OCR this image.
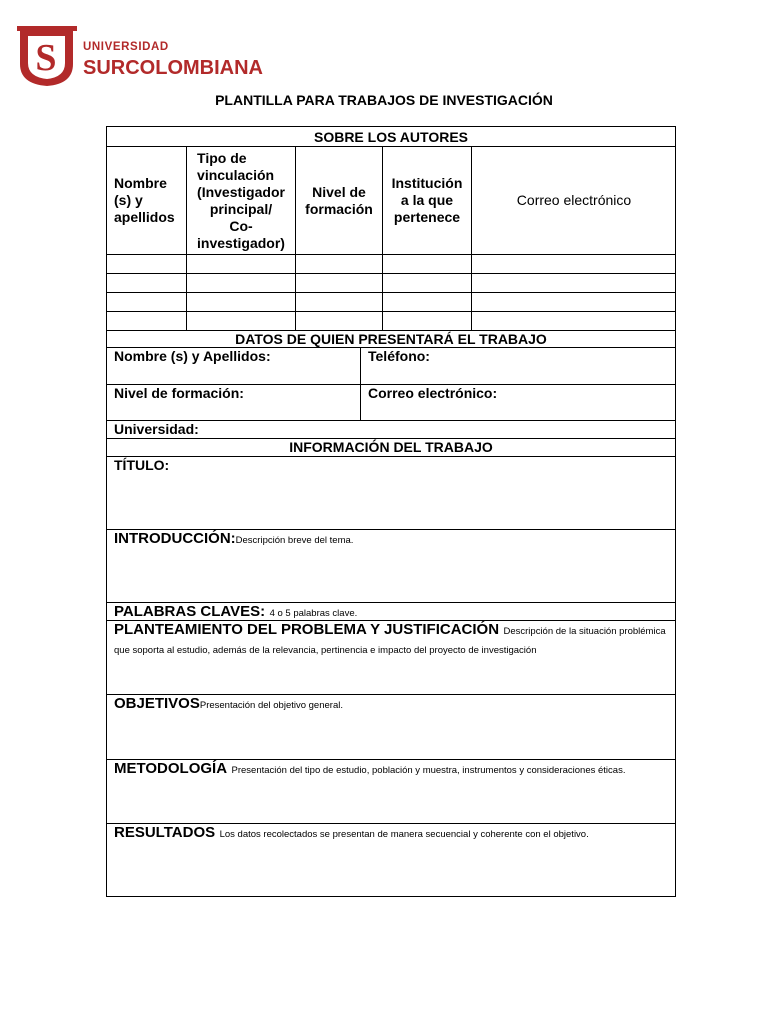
S UNIVERSIDAD
SURCOLOMBIANA
PLANTILLA PARA TRABAJOS DE INVESTIGACIÓN
SOBRE LOS AUTORES
Nombre
(s) y
apellidos
Tipo de
vinculación
(Investigador
principal/
Co-
investigador)
Nivel de
formación
Institución
a la que
pertenece
Correo electrónico
DATOS DE QUIEN PRESENTARÁ EL TRABAJO
Nombre (s) y Apellidos:	Teléfono:
Nivel de formación:	Correo electrónico:
Universidad:
INFORMACIÓN DEL TRABAJO
TÍTULO:
INTRODUCCIÓN:Descripción breve del tema.
PALABRAS CLAVES: 4 o 5 palabras clave.
PLANTEAMIENTO DEL PROBLEMA Y JUSTIFICACIÓN Descripción de la situación problémica
que soporta al estudio, además de la relevancia, pertinencia e impacto del proyecto de investigación
OBJETIVOSPresentación del objetivo general.
METODOLOGÍA Presentación del tipo de estudio, población y muestra, instrumentos y consideraciones éticas.
RESULTADOS Los datos recolectados se presentan de manera secuencial y coherente con el objetivo.
